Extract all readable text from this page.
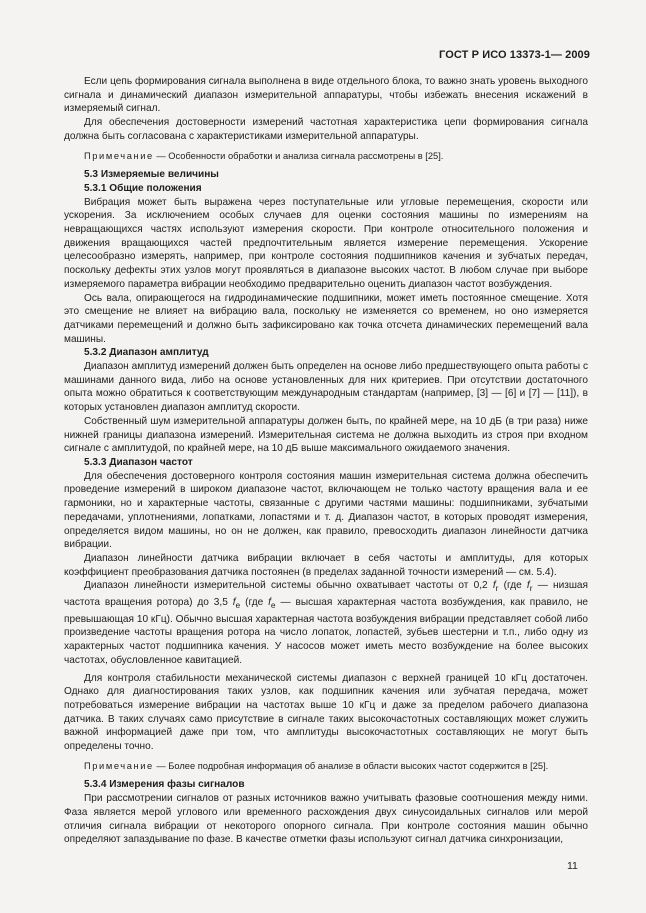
ГОСТ Р ИСО 13373-1— 2009

Если цепь формирования сигнала выполнена в виде отдельного блока, то важно знать уровень выходного сигнала и динамический диапазон измерительной аппаратуры, чтобы избежать внесения искажений в измеряемый сигнал.

Для обеспечения достоверности измерений частотная характеристика цепи формирования сигнала должна быть согласована с характеристиками измерительной аппаратуры.

Примечание — Особенности обработки и анализа сигнала рассмотрены в [25].

5.3 Измеряемые величины

5.3.1 Общие положения

Вибрация может быть выражена через поступательные или угловые перемещения, скорости или ускорения. За исключением особых случаев для оценки состояния машины по измерениям на невращающихся частях используют измерения скорости. При контроле относительного положения и движения вращающихся частей предпочтительным является измерение перемещения. Ускорение целесообразно измерять, например, при контроле состояния подшипников качения и зубчатых передач, поскольку дефекты этих узлов могут проявляться в диапазоне высоких частот. В любом случае при выборе измеряемого параметра вибрации необходимо предварительно оценить диапазон частот возбуждения.

Ось вала, опирающегося на гидродинамические подшипники, может иметь постоянное смещение. Хотя это смещение не влияет на вибрацию вала, поскольку не изменяется со временем, но оно измеряется датчиками перемещений и должно быть зафиксировано как точка отсчета динамических перемещений вала машины.

5.3.2 Диапазон амплитуд

Диапазон амплитуд измерений должен быть определен на основе либо предшествующего опыта работы с машинами данного вида, либо на основе установленных для них критериев. При отсутствии достаточного опыта можно обратиться к соответствующим международным стандартам (например, [3] — [6] и [7] — [11]), в которых установлен диапазон амплитуд скорости.

Собственный шум измерительной аппаратуры должен быть, по крайней мере, на 10 дБ (в три раза) ниже нижней границы диапазона измерений. Измерительная система не должна выходить из строя при входном сигнале с амплитудой, по крайней мере, на 10 дБ выше максимального ожидаемого значения.

5.3.3 Диапазон частот

Для обеспечения достоверного контроля состояния машин измерительная система должна обеспечить проведение измерений в широком диапазоне частот, включающем не только частоту вращения вала и ее гармоники, но и характерные частоты, связанные с другими частями машины: подшипниками, зубчатыми передачами, уплотнениями, лопатками, лопастями и т. д. Диапазон частот, в которых проводят измерения, определяется видом машины, но он не должен, как правило, превосходить диапазон линейности датчика вибрации.

Диапазон линейности датчика вибрации включает в себя частоты и амплитуды, для которых коэффициент преобразования датчика постоянен (в пределах заданной точности измерений — см. 5.4).

Диапазон линейности измерительной системы обычно охватывает частоты от 0,2 $f_r$ (где $f_r$ — низшая частота вращения ротора) до 3,5 $f_e$ (где $f_e$ — высшая характерная частота возбуждения, как правило, не превышающая 10 кГц). Обычно высшая характерная частота возбуждения вибрации представляет собой либо произведение частоты вращения ротора на число лопаток, лопастей, зубьев шестерни и т.п., либо одну из характерных частот подшипника качения. У насосов может иметь место возбуждение на более высоких частотах, обусловленное кавитацией.

Для контроля стабильности механической системы диапазон с верхней границей 10 кГц достаточен. Однако для диагностирования таких узлов, как подшипник качения или зубчатая передача, может потребоваться измерение вибрации на частотах выше 10 кГц и даже за пределом рабочего диапазона датчика. В таких случаях само присутствие в сигнале таких высокочастотных составляющих может служить важной информацией даже при том, что амплитуды высокочастотных составляющих не могут быть определены точно.

Примечание — Более подробная информация об анализе в области высоких частот содержится в [25].

5.3.4 Измерения фазы сигналов

При рассмотрении сигналов от разных источников важно учитывать фазовые соотношения между ними. Фаза является мерой углового или временного расхождения двух синусоидальных сигналов или мерой отличия сигнала вибрации от некоторого опорного сигнала. При контроле состояния машин обычно определяют запаздывание по фазе. В качестве отметки фазы используют сигнал датчика синхронизации,

11
